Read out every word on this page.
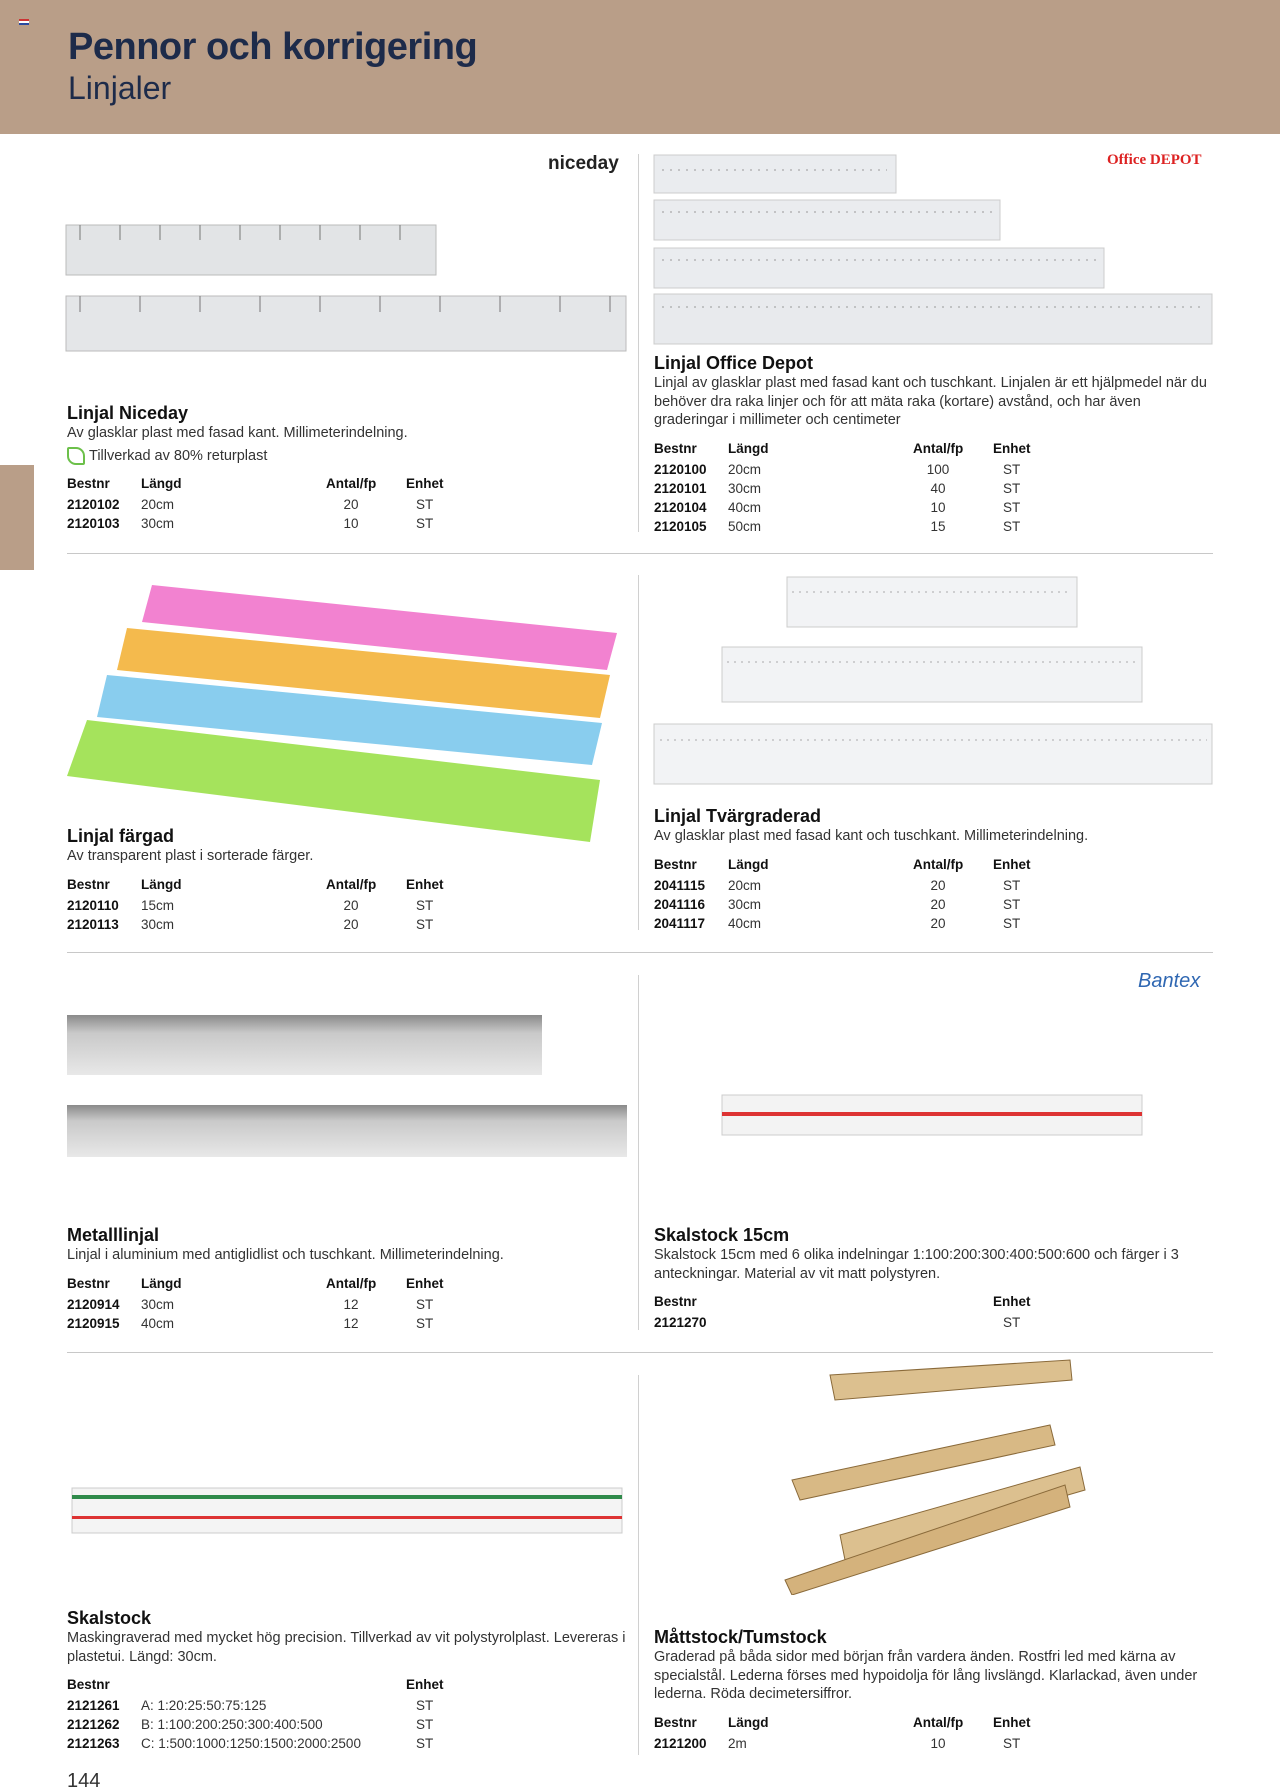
Pennor och korrigering
Linjaler
niceday	Office DEPOT
Bantex
Linjal Niceday
Av glasklar plast med fasad kant. Millimeterindelning.
Tillverkad av 80% returplast
Bestnr	Längd	Antal/fp	Enhet
2120102	20cm	20	ST
2120103	30cm	10	ST
Linjal Office Depot
Linjal av glasklar plast med fasad kant och tuschkant. Linjalen är ett hjälpmedel när du behöver dra raka linjer och för att mäta raka (kortare) avstånd, och har även graderingar i millimeter och centimeter
Bestnr	Längd	Antal/fp	Enhet
2120100	20cm	100	ST
2120101	30cm	40	ST
2120104	40cm	10	ST
2120105	50cm	15	ST
Linjal färgad
Av transparent plast i sorterade färger.
Bestnr	Längd	Antal/fp	Enhet
2120110	15cm	20	ST
2120113	30cm	20	ST
Linjal Tvärgraderad
Av glasklar plast med fasad kant och tuschkant. Millimeterindelning.
Bestnr	Längd	Antal/fp	Enhet
2041115	20cm	20	ST
2041116	30cm	20	ST
2041117	40cm	20	ST
Metalllinjal
Linjal i aluminium med antiglidlist och tuschkant. Millimeterindelning.
Bestnr	Längd	Antal/fp	Enhet
2120914	30cm	12	ST
2120915	40cm	12	ST
Skalstock 15cm
Skalstock 15cm med 6 olika indelningar 1:100:200:300:400:500:600 och färger i 3 anteckningar. Material av vit matt polystyren.
Bestnr			Enhet
2121270			ST
Skalstock
Maskingraverad med mycket hög precision. Tillverkad av vit polystyrolplast. Levereras i plastetui. Längd: 30cm.
Bestnr		Enhet
2121261	A: 1:20:25:50:75:125	ST
2121262	B: 1:100:200:250:300:400:500	ST
2121263	C: 1:500:1000:1250:1500:2000:2500	ST
Måttstock/Tumstock
Graderad på båda sidor med början från vardera änden. Rostfri led med kärna av specialstål. Lederna förses med hypoidolja för lång livslängd. Klarlackad, även under lederna. Röda decimetersiffror.
Bestnr	Längd	Antal/fp	Enhet
2121200	2m	10	ST
144
